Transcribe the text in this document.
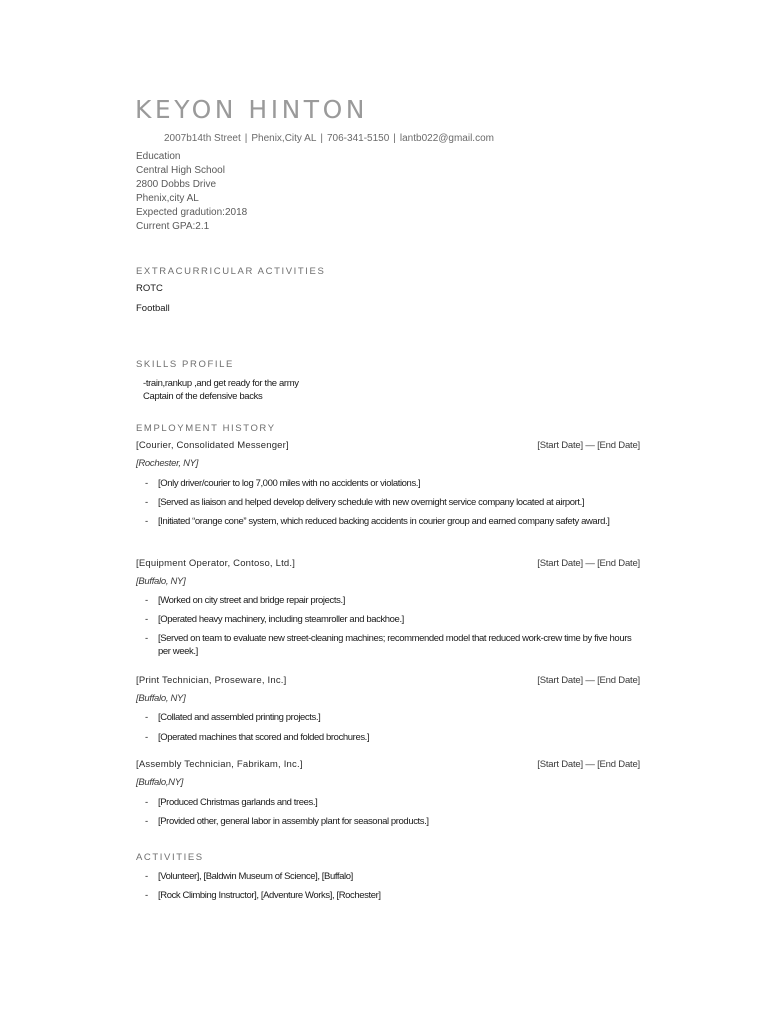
KEYON HINTON
2007b14th Street | Phenix,City AL | 706-341-5150 | lantb022@gmail.com
Education
Central High School
2800 Dobbs Drive
Phenix,city AL
Expected gradution:2018
Current GPA:2.1
EXTRACURRICULAR ACTIVITIES
ROTC
Football
SKILLS PROFILE
-train,rankup ,and get ready for the army
Captain of the defensive backs
EMPLOYMENT HISTORY
[Courier, Consolidated Messenger]	[Start Date] — [End Date]
[Rochester, NY]
- [Only driver/courier to log 7,000 miles with no accidents or violations.]
- [Served as liaison and helped develop delivery schedule with new overnight service company located at airport.]
- [Initiated “orange cone” system, which reduced backing accidents in courier group and earned company safety award.]
[Equipment Operator, Contoso, Ltd.]	[Start Date] — [End Date]
[Buffalo, NY]
- [Worked on city street and bridge repair projects.]
- [Operated heavy machinery, including steamroller and backhoe.]
- [Served on team to evaluate new street-cleaning machines; recommended model that reduced work-crew time by five hours per week.]
[Print Technician, Proseware, Inc.]	[Start Date] — [End Date]
[Buffalo, NY]
- [Collated and assembled printing projects.]
- [Operated machines that scored and folded brochures.]
[Assembly Technician, Fabrikam, Inc.]	[Start Date] — [End Date]
[Buffalo,NY]
- [Produced Christmas garlands and trees.]
- [Provided other, general labor in assembly plant for seasonal products.]
ACTIVITIES
- [Volunteer], [Baldwin Museum of Science], [Buffalo]
- [Rock Climbing Instructor], [Adventure Works], [Rochester]
